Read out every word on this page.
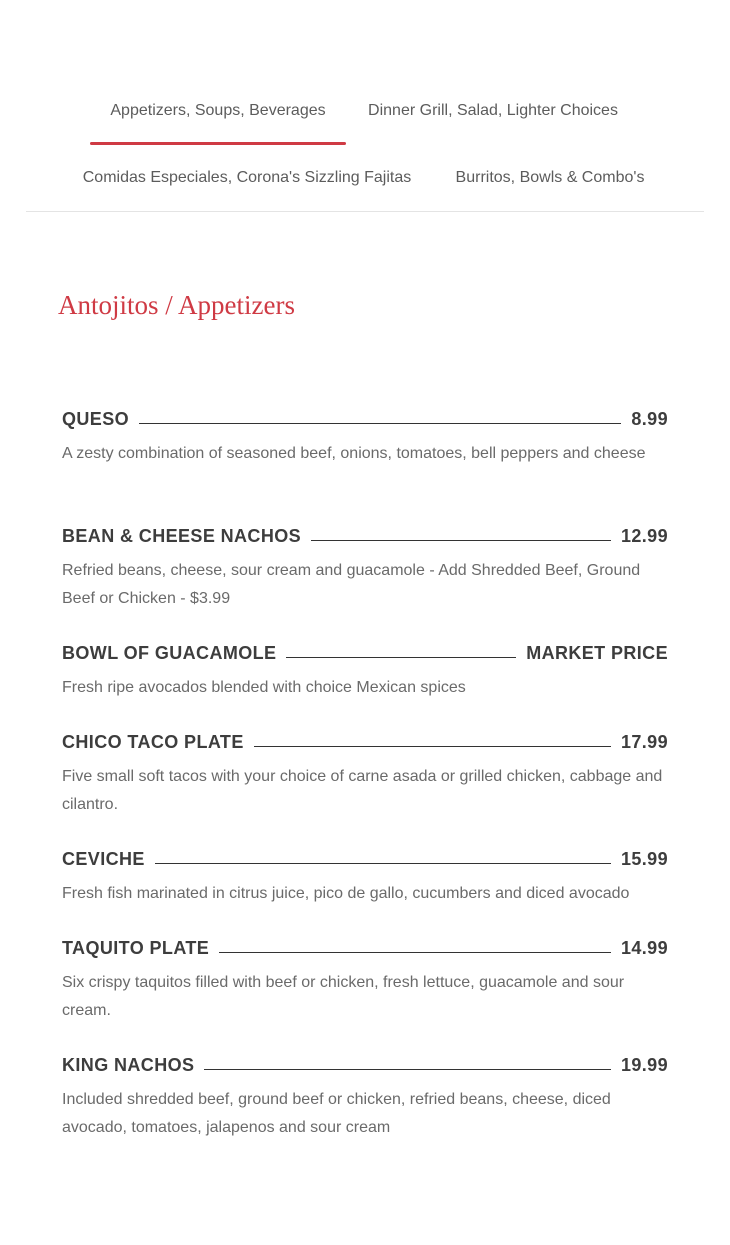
Appetizers, Soups, Beverages	Dinner Grill, Salad, Lighter Choices
Comidas Especiales, Corona's Sizzling Fajitas	Burritos, Bowls & Combo's
Antojitos / Appetizers
QUESO	8.99

A zesty combination of seasoned beef, onions, tomatoes, bell peppers and cheese

BEAN & CHEESE NACHOS	12.99

Refried beans, cheese, sour cream and guacamole - Add Shredded Beef, Ground Beef or Chicken - $3.99

BOWL OF GUACAMOLE	MARKET PRICE

Fresh ripe avocados blended with choice Mexican spices

CHICO TACO PLATE	17.99

Five small soft tacos with your choice of carne asada or grilled chicken, cabbage and cilantro.

CEVICHE	15.99

Fresh fish marinated in citrus juice, pico de gallo, cucumbers and diced avocado

TAQUITO PLATE	14.99

Six crispy taquitos filled with beef or chicken, fresh lettuce, guacamole and sour cream.

KING NACHOS	19.99

Included shredded beef, ground beef or chicken, refried beans, cheese, diced avocado, tomatoes, jalapenos and sour cream
